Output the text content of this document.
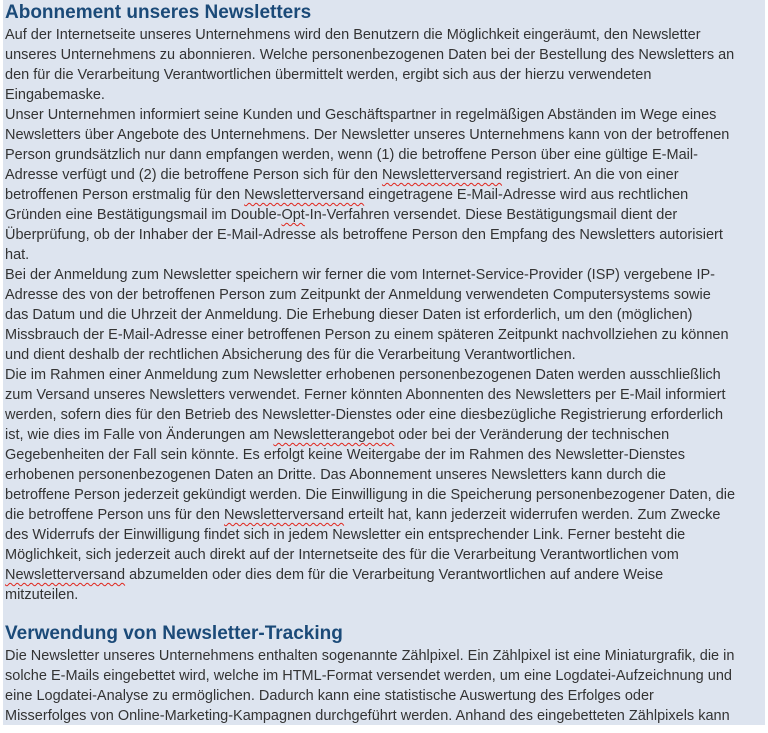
Abonnement unseres Newsletters

Auf der Internetseite unseres Unternehmens wird den Benutzern die Möglichkeit eingeräumt, den Newsletter
unseres Unternehmens zu abonnieren. Welche personenbezogenen Daten bei der Bestellung des Newsletters an
den für die Verarbeitung Verantwortlichen übermittelt werden, ergibt sich aus der hierzu verwendeten
Eingabemaske.

Unser Unternehmen informiert seine Kunden und Geschäftspartner in regelmäßigen Abständen im Wege eines
Newsletters über Angebote des Unternehmens. Der Newsletter unseres Unternehmens kann von der betroffenen
Person grundsätzlich nur dann empfangen werden, wenn (1) die betroffene Person über eine gültige E-Mail-
Adresse verfügt und (2) die betroffene Person sich für den Newsletterversand registriert. An die von einer
betroffenen Person erstmalig für den Newsletterversand eingetragene E-Mail-Adresse wird aus rechtlichen
Gründen eine Bestätigungsmail im Double-Opt-In-Verfahren versendet. Diese Bestätigungsmail dient der
Überprüfung, ob der Inhaber der E-Mail-Adresse als betroffene Person den Empfang des Newsletters autorisiert
hat.

Bei der Anmeldung zum Newsletter speichern wir ferner die vom Internet-Service-Provider (ISP) vergebene IP-
Adresse des von der betroffenen Person zum Zeitpunkt der Anmeldung verwendeten Computersystems sowie
das Datum und die Uhrzeit der Anmeldung. Die Erhebung dieser Daten ist erforderlich, um den (möglichen)
Missbrauch der E-Mail-Adresse einer betroffenen Person zu einem späteren Zeitpunkt nachvollziehen zu können
und dient deshalb der rechtlichen Absicherung des für die Verarbeitung Verantwortlichen.

Die im Rahmen einer Anmeldung zum Newsletter erhobenen personenbezogenen Daten werden ausschließlich
zum Versand unseres Newsletters verwendet. Ferner könnten Abonnenten des Newsletters per E-Mail informiert
werden, sofern dies für den Betrieb des Newsletter-Dienstes oder eine diesbezügliche Registrierung erforderlich
ist, wie dies im Falle von Änderungen am Newsletterangebot oder bei der Veränderung der technischen
Gegebenheiten der Fall sein könnte. Es erfolgt keine Weitergabe der im Rahmen des Newsletter-Dienstes
erhobenen personenbezogenen Daten an Dritte. Das Abonnement unseres Newsletters kann durch die
betroffene Person jederzeit gekündigt werden. Die Einwilligung in die Speicherung personenbezogener Daten, die
die betroffene Person uns für den Newsletterversand erteilt hat, kann jederzeit widerrufen werden. Zum Zwecke
des Widerrufs der Einwilligung findet sich in jedem Newsletter ein entsprechender Link. Ferner besteht die
Möglichkeit, sich jederzeit auch direkt auf der Internetseite des für die Verarbeitung Verantwortlichen vom
Newsletterversand abzumelden oder dies dem für die Verarbeitung Verantwortlichen auf andere Weise
mitzuteilen.

Verwendung von Newsletter-Tracking

Die Newsletter unseres Unternehmens enthalten sogenannte Zählpixel. Ein Zählpixel ist eine Miniaturgrafik, die in
solche E-Mails eingebettet wird, welche im HTML-Format versendet werden, um eine Logdatei-Aufzeichnung und
eine Logdatei-Analyse zu ermöglichen. Dadurch kann eine statistische Auswertung des Erfolges oder
Misserfolges von Online-Marketing-Kampagnen durchgeführt werden. Anhand des eingebetteten Zählpixels kann
